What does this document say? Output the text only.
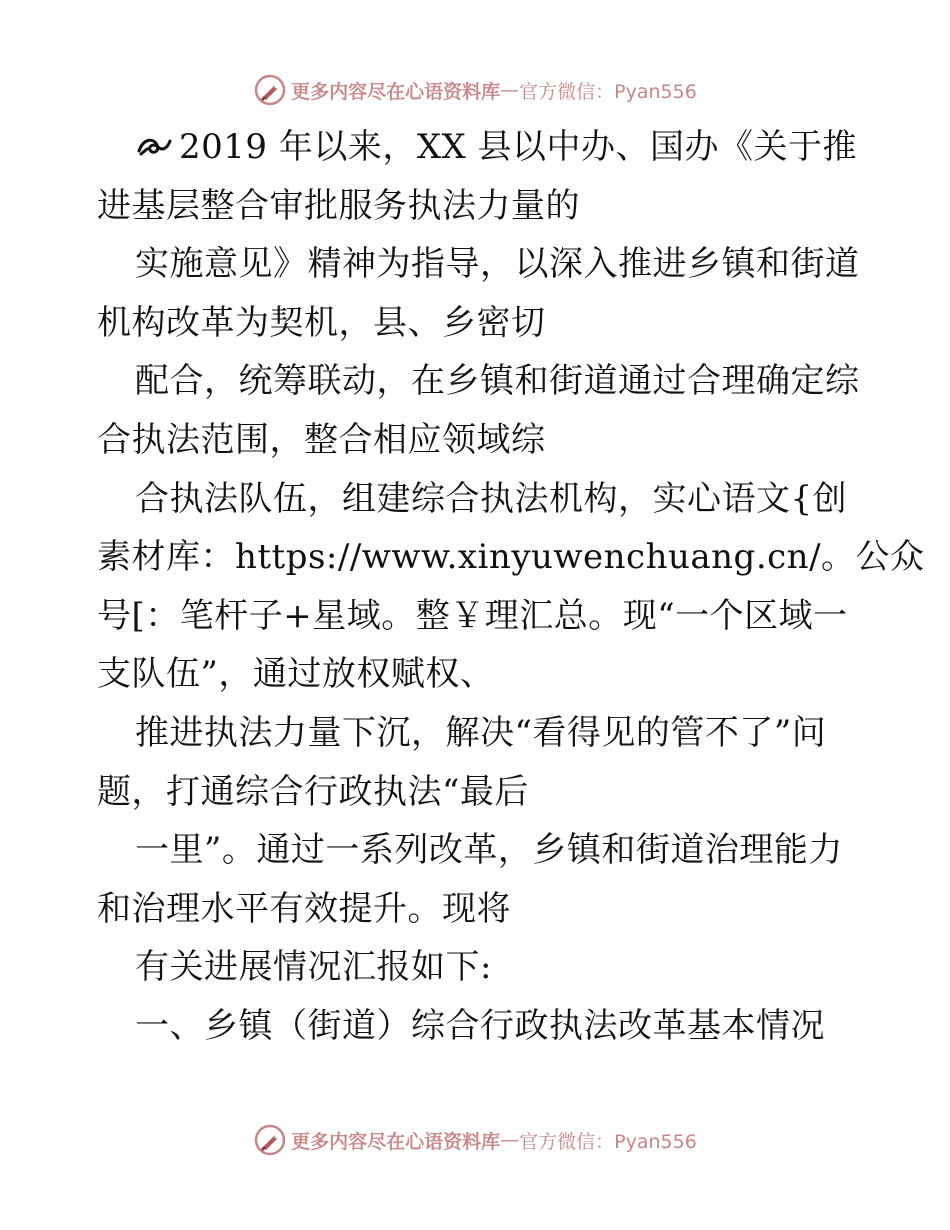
更多内容尽在心语资料库 — 官方微信：Pyan556
2019 年以来，XX 县以中办、国办《关于推
进基层整合审批服务执法力量的
实施意见》精神为指导，以深入推进乡镇和街道
机构改革为契机，县、乡密切
配合，统筹联动，在乡镇和街道通过合理确定综
合执法范围，整合相应领域综
合执法队伍，组建综合执法机构，实心语文{创
素材库：https://www.xinyuwenchuang.cn/。公众
号[：笔杆子+星域。整￥理汇总。现“一个区域一
支队伍”，通过放权赋权、
推进执法力量下沉，解决“看得见的管不了”问
题，打通综合行政执法“最后
一里”。通过一系列改革，乡镇和街道治理能力
和治理水平有效提升。现将
有关进展情况汇报如下:
一、乡镇（街道）综合行政执法改革基本情况
更多内容尽在心语资料库 — 官方微信：Pyan556
